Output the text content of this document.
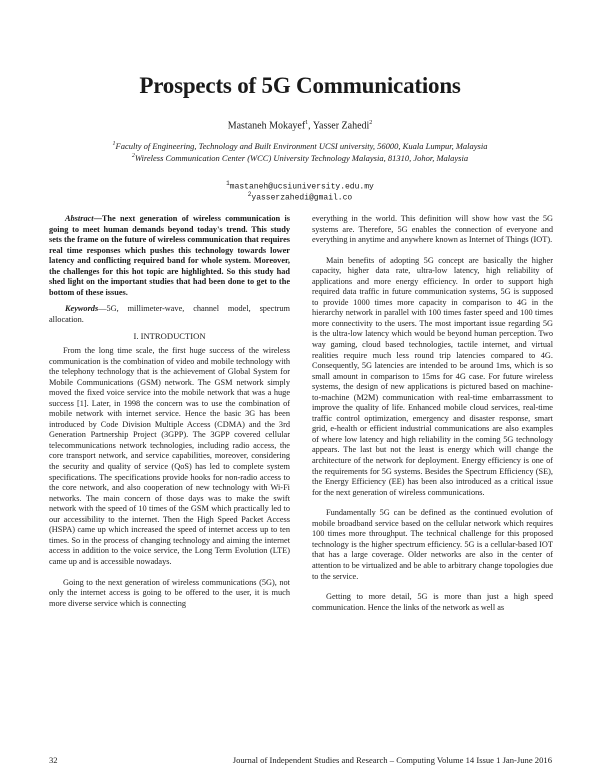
Prospects of 5G Communications
Mastaneh Mokayef$^1$, Yasser Zahedi$^2$
$^1$Faculty of Engineering, Technology and Built Environment UCSI university, 56000, Kuala Lumpur, Malaysia
$^2$Wireless Communication Center (WCC) University Technology Malaysia, 81310, Johor, Malaysia
$^1$mastaneh@ucsiuniversity.edu.my
$^2$yasserzahedi@gmail.co

Abstract—The next generation of wireless communication is going to meet human demands beyond today's trend. This study sets the frame on the future of wireless communication that requires real time responses which pushes this technology towards lower latency and conflicting required band for whole system. Moreover, the challenges for this hot topic are highlighted. So this study had shed light on the important studies that had been done to get to the bottom of these issues.

Keywords—5G, millimeter-wave, channel model, spectrum allocation.

I. INTRODUCTION

From the long time scale, the first huge success of the wireless communication is the combination of video and mobile technology with the telephony technology that is the achievement of Global System for Mobile Communications (GSM) network. The GSM network simply moved the fixed voice service into the mobile network that was a huge success [1]. Later, in 1998 the concern was to use the combination of mobile network with internet service. Hence the basic 3G has been introduced by Code Division Multiple Access (CDMA) and the 3rd Generation Partnership Project (3GPP). The 3GPP covered cellular telecommunications network technologies, including radio access, the core transport network, and service capabilities, moreover, considering the security and quality of service (QoS) has led to complete system specifications. The specifications provide hooks for non-radio access to the core network, and also cooperation of new technology with Wi-Fi networks. The main concern of those days was to make the swift network with the speed of 10 times of the GSM which practically led to our accessibility to the internet. Then the High Speed Packet Access (HSPA) came up which increased the speed of internet access up to ten times. So in the process of changing technology and aiming the internet access in addition to the voice service, the Long Term Evolution (LTE) came up and is accessible nowadays.

Going to the next generation of wireless communications (5G), not only the internet access is going to be offered to the user, it is much more diverse service which is connecting

everything in the world. This definition will show how vast the 5G systems are. Therefore, 5G enables the connection of everyone and everything in anytime and anywhere known as Internet of Things (IOT).

Main benefits of adopting 5G concept are basically the higher capacity, higher data rate, ultra-low latency, high reliability of applications and more energy efficiency. In order to support high required data traffic in future communication systems, 5G is supposed to provide 1000 times more capacity in comparison to 4G in the hierarchy network in parallel with 100 times faster speed and 100 times more connectivity to the users. The most important issue regarding 5G is the ultra-low latency which would be beyond human perception. Two way gaming, cloud based technologies, tactile internet, and virtual realities require much less round trip latencies compared to 4G. Consequently, 5G latencies are intended to be around 1ms, which is so small amount in comparison to 15ms for 4G case. For future wireless systems, the design of new applications is pictured based on machine-to-machine (M2M) communication with real-time embarrassment to improve the quality of life. Enhanced mobile cloud services, real-time traffic control optimization, emergency and disaster response, smart grid, e-health or efficient industrial communications are also examples of where low latency and high reliability in the coming 5G technology appears. The last but not the least is energy which will change the architecture of the network for deployment. Energy efficiency is one of the requirements for 5G systems. Besides the Spectrum Efficiency (SE), the Energy Efficiency (EE) has been also introduced as a critical issue for the next generation of wireless communications.

Fundamentally 5G can be defined as the continued evolution of mobile broadband service based on the cellular network which requires 100 times more throughput. The technical challenge for this proposed technology is the higher spectrum efficiency. 5G is a cellular-based IOT that has a large coverage. Older networks are also in the center of attention to be virtualized and be able to arbitrary change topologies due to the service.

Getting to more detail, 5G is more than just a high speed communication. Hence the links of the network as well as

32	Journal of Independent Studies and Research – Computing Volume 14 Issue 1 Jan-June 2016
